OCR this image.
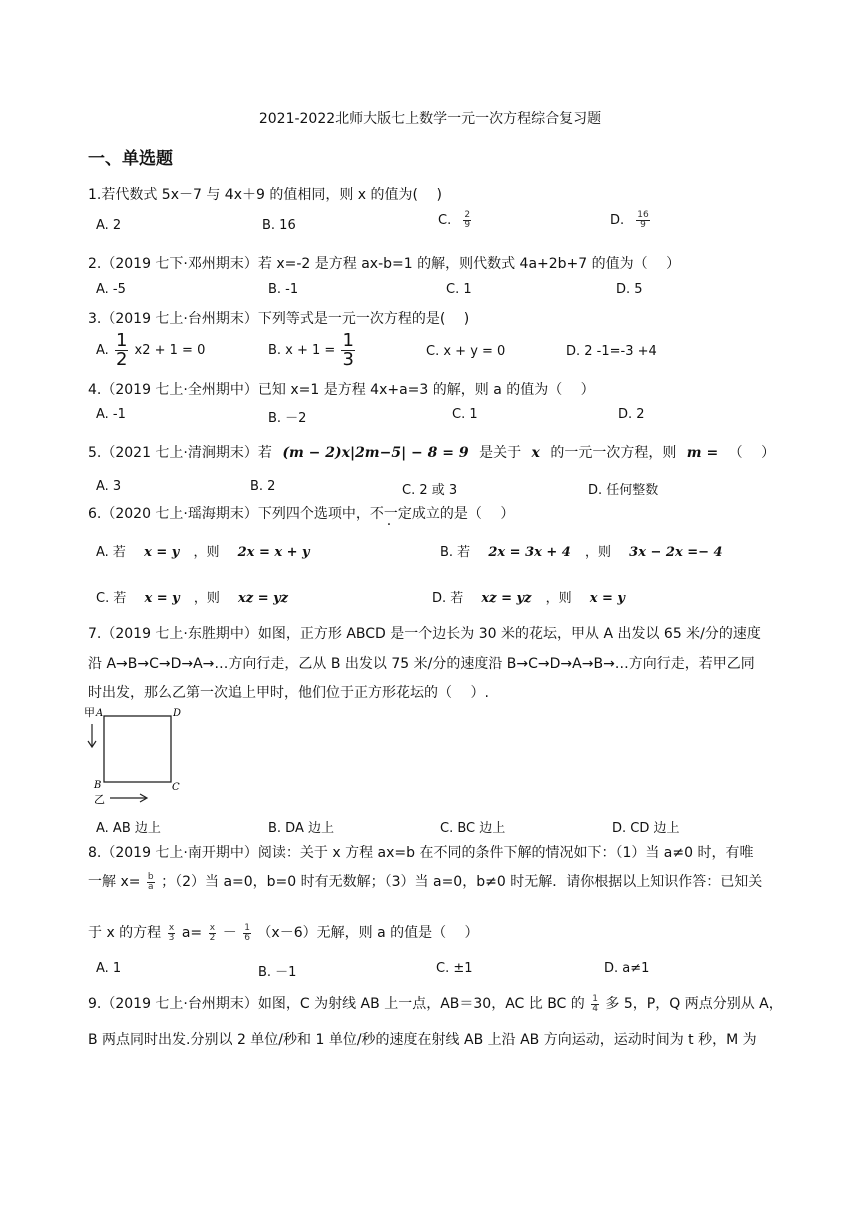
2021-2022北师大版七上数学一元一次方程综合复习题
一、单选题
1.若代数式 5x－7 与 4x＋9 的值相同，则 x 的值为(　 )
A. 2	B. 16	C. $\frac{2}{9}$	D. $\frac{16}{9}$
2.（2019 七下·邓州期末）若 x=-2 是方程 ax-b=1 的解，则代数式 4a+2b+7 的值为（　 ）
A. -5	B. -1	C. 1	D. 5
3.（2019 七上·台州期末）下列等式是一元一次方程的是(　 )
A. $\frac{1}{2} x2 + 1 = 0$	B. $x + 1 = \frac{1}{3}$	C. x + y = 0	D. 2 -1=-3 +4
4.（2019 七上·全州期中）已知 x=1 是方程 4x+a=3 的解，则 a 的值为（　 ）
A. -1	B. －2	C. 1	D. 2
5.（2021 七上·清涧期末）若 (m − 2)x|2m−5| − 8 = 9 是关于 x 的一元一次方程，则 m = （　 ）
A. 3	B. 2	C. 2 或 3	D. 任何整数
6.（2020 七上·瑶海期末）下列四个选项中，不一定成立的是（　 ）
A. 若 x = y ，则 2x = x + y	B. 若 2x = 3x + 4 ，则 3x − 2x =− 4
C. 若 x = y ，则 xz = yz	D. 若 xz = yz ，则 x = y
7.（2019 七上·东胜期中）如图，正方形 ABCD 是一个边长为 30 米的花坛，甲从 A 出发以 65 米/分的速度
沿 A→B→C→D→A→…方向行走，乙从 B 出发以 75 米/分的速度沿 B→C→D→A→B→…方向行走，若甲乙同
时出发，那么乙第一次追上甲时，他们位于正方形花坛的（　 ）.
甲 A	D
B	C
乙
A. AB 边上	B. DA 边上	C. BC 边上	D. CD 边上
8.（2019 七上·南开期中）阅读：关于 x 方程 ax=b 在不同的条件下解的情况如下：（1）当 a≠0 时，有唯
一解 $x= \frac{b}{a}$ ；（2）当 a=0，b=0 时有无数解；（3）当 a=0，b≠0 时无解．请你根据以上知识作答：已知关
于 x 的方程 $\frac{x}{3} a= \frac{x}{2} - \frac{1}{6} (x-6)$无解，则 a 的值是（　 ）
A. 1	B. －1	C. ±1	D. a≠1
9.（2019 七上·台州期末）如图，C 为射线 AB 上一点，AB＝30，AC 比 BC 的 $\frac{1}{4}$ 多 5，P，Q 两点分别从 A，
B 两点同时出发.分别以 2 单位/秒和 1 单位/秒的速度在射线 AB 上沿 AB 方向运动，运动时间为 t 秒，M 为
